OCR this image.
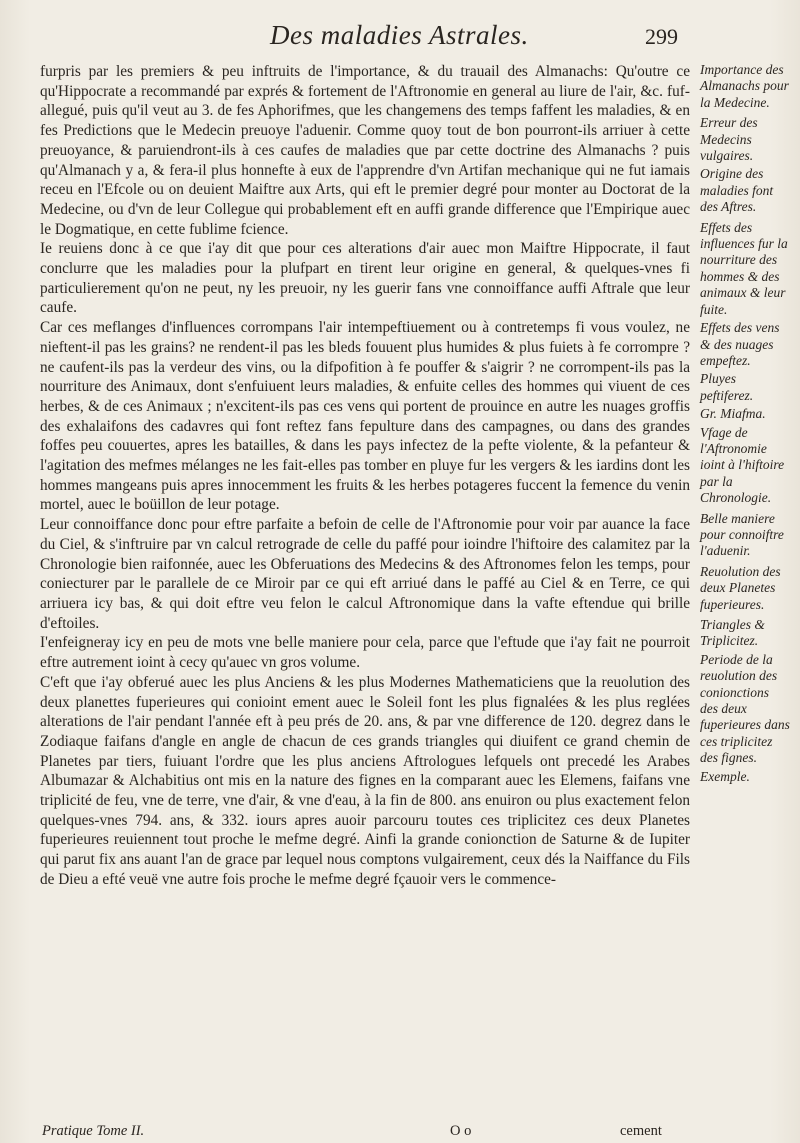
Des maladies Astrales.	299

furpris par les premiers & peu inftruits de l'importance, & du trauail des Almanachs: Qu'outre ce qu'Hippocrate a recommandé par exprés & fortement de l'Aftronomie en general au liure de l'air, &c. fuf-allegué, puis qu'il veut au 3. de fes Aphorifmes, que les changemens des temps faffent les maladies, & en fes Predictions que le Medecin preuoye l'aduenir. Comme quoy tout de bon pourront-ils arriuer à cette preuoyance, & paruiendront-ils à ces caufes de maladies que par cette doctrine des Almanachs ? puis qu'Almanach y a, & fera-il plus honnefte à eux de l'apprendre d'vn Artifan mechanique qui ne fut iamais receu en l'Efcole ou on deuient Maiftre aux Arts, qui eft le premier degré pour monter au Doctorat de la Medecine, ou d'vn de leur Collegue qui probablement eft en auffi grande difference que l'Empirique auec le Dogmatique, en cette fublime fcience.

Ie reuiens donc à ce que i'ay dit que pour ces alterations d'air auec mon Maiftre Hippocrate, il faut conclurre que les maladies pour la plufpart en tirent leur origine en general, & quelques-vnes fi particulierement qu'on ne peut, ny les preuoir, ny les guerir fans vne connoiffance auffi Aftrale que leur caufe.

Car ces meflanges d'influences corrompans l'air intempeftiuement ou à contretemps fi vous voulez, ne nieftent-il pas les grains? ne rendent-il pas les bleds fouuent plus humides & plus fuiets à fe corrompre ? ne caufent-ils pas la verdeur des vins, ou la difpofition à fe pouffer & s'aigrir ? ne corrompent-ils pas la nourriture des Animaux, dont s'enfuiuent leurs maladies, & enfuite celles des hommes qui viuent de ces herbes, & de ces Animaux ; n'excitent-ils pas ces vens qui portent de prouince en autre les nuages groffis des exhalaifons des cadavres qui font reftez fans fepulture dans des campagnes, ou dans des grandes foffes peu couuertes, apres les batailles, & dans les pays infectez de la pefte violente, & la pefanteur & l'agitation des mefmes mélanges ne les fait-elles pas tomber en pluye fur les vergers & les iardins dont les hommes mangeans puis apres innocemment les fruits & les herbes potageres fuccent la femence du venin mortel, auec le boüillon de leur potage.

Leur connoiffance donc pour eftre parfaite a befoin de celle de l'Aftronomie pour voir par auance la face du Ciel, & s'inftruire par vn calcul retrograde de celle du paffé pour ioindre l'hiftoire des calamitez par la Chronologie bien raifonnée, auec les Obferuations des Medecins & des Aftronomes felon les temps, pour coniecturer par le parallele de ce Miroir par ce qui eft arriué dans le paffé au Ciel & en Terre, ce qui arriuera icy bas, & qui doit eftre veu felon le calcul Aftronomique dans la vafte eftendue qui brille d'eftoiles.

I'enfeigneray icy en peu de mots vne belle maniere pour cela, parce que l'eftude que i'ay fait ne pourroit eftre autrement ioint à cecy qu'auec vn gros volume.

C'eft que i'ay obferué auec les plus Anciens & les plus Modernes Mathematiciens que la reuolution des deux planettes fuperieures qui conioint ement auec le Soleil font les plus fignalées & les plus reglées alterations de l'air pendant l'année eft à peu prés de 20. ans, & par vne difference de 120. degrez dans le Zodiaque faifans d'angle en angle de chacun de ces grands triangles qui diuifent ce grand chemin de Planetes par tiers, fuiuant l'ordre que les plus anciens Aftrologues lefquels ont precedé les Arabes Albumazar & Alchabitius ont mis en la nature des fignes en la comparant auec les Elemens, faifans vne triplicité de feu, vne de terre, vne d'air, & vne d'eau, à la fin de 800. ans enuiron ou plus exactement felon quelques-vnes 794. ans, & 332. iours apres auoir parcouru toutes ces triplicitez ces deux Planetes fuperieures reuiennent tout proche le mefme degré. Ainfi la grande conionction de Saturne & de Iupiter qui parut fix ans auant l'an de grace par lequel nous comptons vulgairement, ceux dés la Naiffance du Fils de Dieu a efté veuë vne autre fois proche le mefme degré fçauoir vers le commence-

Importance des Almanachs pour la Medecine.

Erreur des Medecins vulgaires.

Origine des maladies font des Aftres.

Effets des influences fur la nourriture des hommes & des animaux & leur fuite.

Effets des vens & des nuages empeftez.

Pluyes peftiferez.

Gr. Miafma.

Vfage de l'Aftronomie ioint à l'hiftoire par la Chronologie.

Belle maniere pour connoiftre l'aduenir.

Reuolution des deux Planetes fuperieures.

Triangles & Triplicitez.

Periode de la reuolution des conionctions des deux fuperieures dans ces triplicitez des fignes.

Exemple.

Pratique Tome II.	O o	cement
